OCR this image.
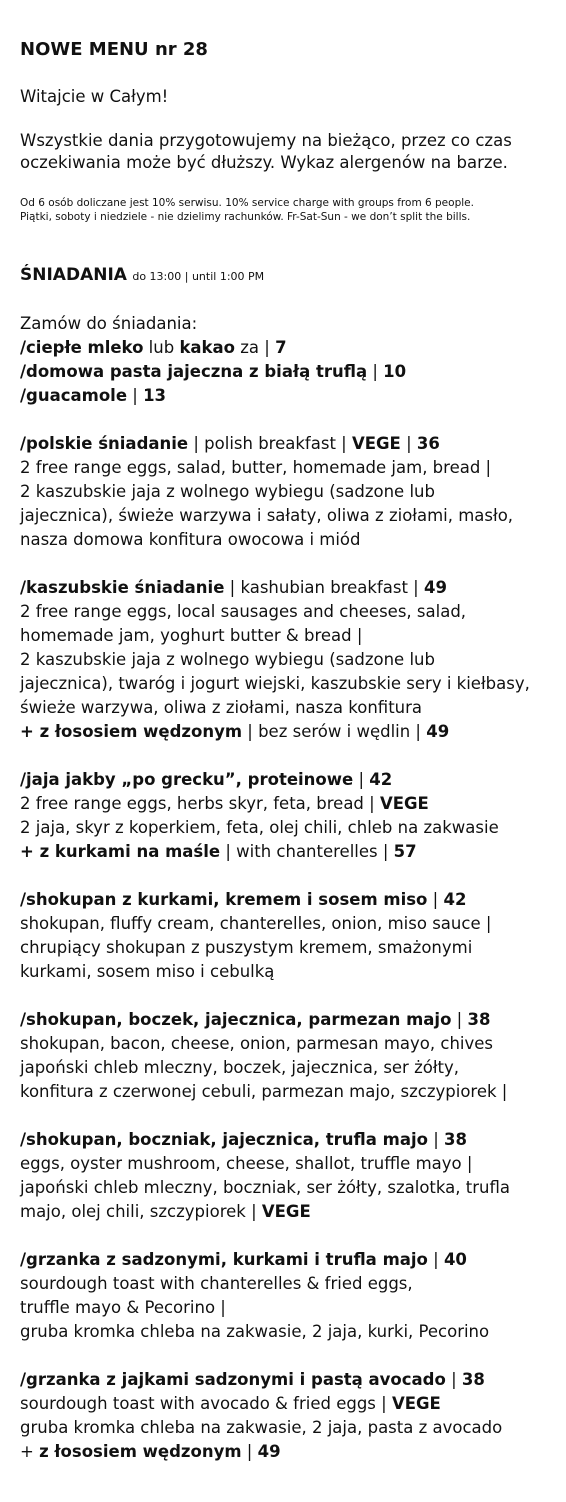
NOWE MENU nr 28

Witajcie w Całym!

Wszystkie dania przygotowujemy na bieżąco, przez co czas

oczekiwania może być dłuższy. Wykaz alergenów na barze.

Od 6 osób doliczane jest 10% serwisu. 10% service charge with groups from 6 people.
Piątki, soboty i niedziele - nie dzielimy rachunków. Fr-Sat-Sun - we don’t split the bills.
ŚNIADANIA do 13:00 | until 1:00 PM

Zamów do śniadania:

/ciepłe mleko lub kakao za | 7

/domowa pasta jajeczna z białą truflą | 10

/guacamole | 13

/polskie śniadanie | polish breakfast | VEGE | 36

2 free range eggs, salad, butter, homemade jam, bread |

2 kaszubskie jaja z wolnego wybiegu (sadzone lub

jajecznica), świeże warzywa i sałaty, oliwa z ziołami, masło,

nasza domowa konfitura owocowa i miód

/kaszubskie śniadanie | kashubian breakfast | 49

2 free range eggs, local sausages and cheeses, salad,

homemade jam, yoghurt butter & bread |

2 kaszubskie jaja z wolnego wybiegu (sadzone lub

jajecznica), twaróg i jogurt wiejski, kaszubskie sery i kiełbasy,

świeże warzywa, oliwa z ziołami, nasza konfitura

+ z łososiem wędzonym | bez serów i wędlin | 49

/jaja jakby „po grecku”, proteinowe | 42

2 free range eggs, herbs skyr, feta, bread | VEGE

2 jaja, skyr z koperkiem, feta, olej chili, chleb na zakwasie

+ z kurkami na maśle | with chanterelles | 57

/shokupan z kurkami, kremem i sosem miso | 42

shokupan, fluffy cream, chanterelles, onion, miso sauce |

chrupiący shokupan z puszystym kremem, smażonymi

kurkami, sosem miso i cebulką

/shokupan, boczek, jajecznica, parmezan majo | 38

shokupan, bacon, cheese, onion, parmesan mayo, chives

japoński chleb mleczny, boczek, jajecznica, ser żółty,

konfitura z czerwonej cebuli, parmezan majo, szczypiorek |

/shokupan, boczniak, jajecznica, trufla majo | 38

eggs, oyster mushroom, cheese, shallot, truffle mayo |

japoński chleb mleczny, boczniak, ser żółty, szalotka, trufla

majo, olej chili, szczypiorek | VEGE

/grzanka z sadzonymi, kurkami i trufla majo | 40

sourdough toast with chanterelles & fried eggs,

truffle mayo & Pecorino |

gruba kromka chleba na zakwasie, 2 jaja, kurki, Pecorino

/grzanka z jajkami sadzonymi i pastą avocado | 38

sourdough toast with avocado & fried eggs | VEGE

gruba kromka chleba na zakwasie, 2 jaja, pasta z avocado

+ z łososiem wędzonym | 49
